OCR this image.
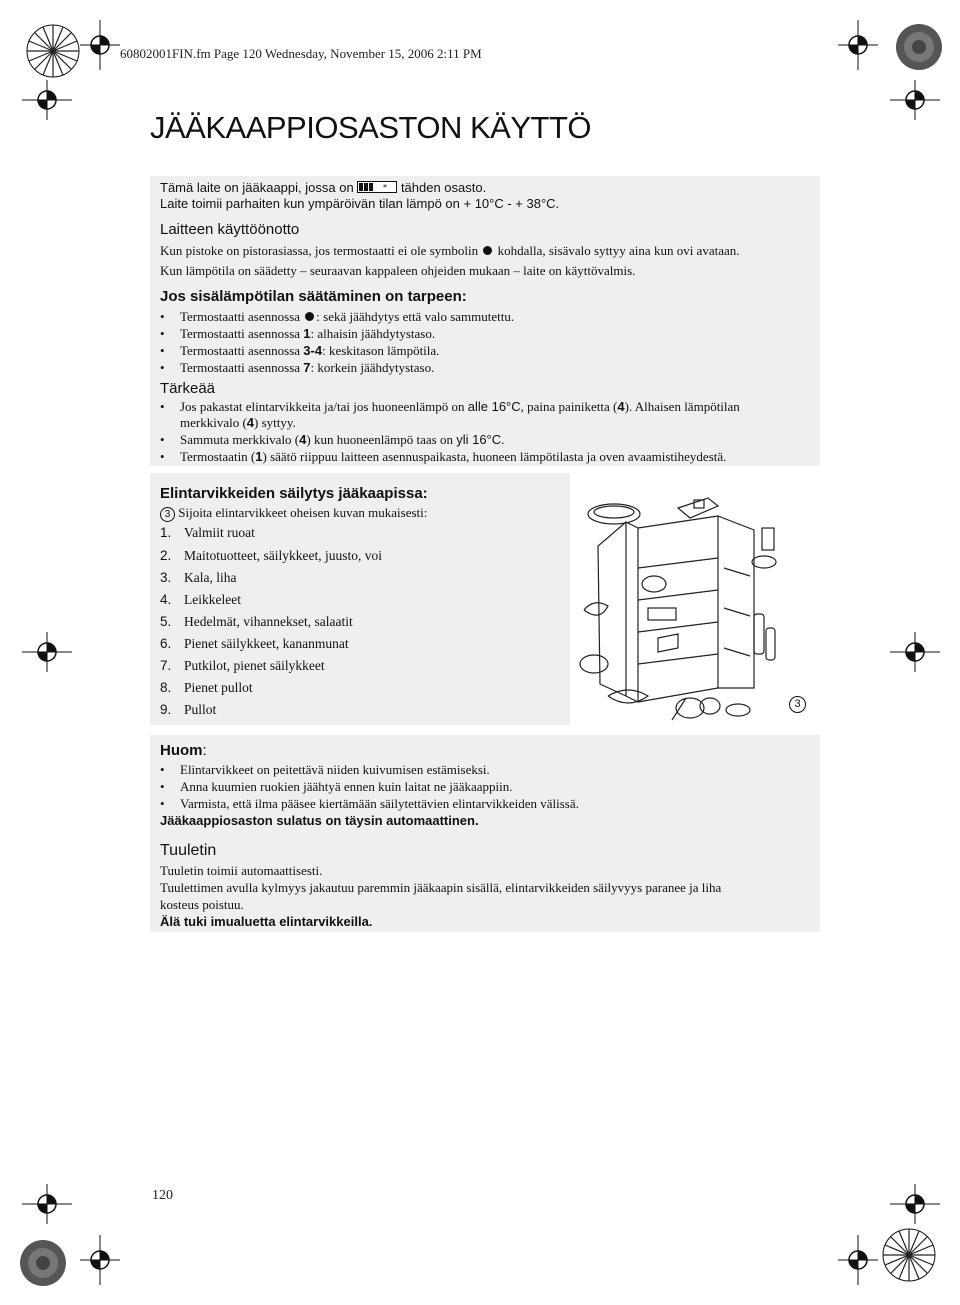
60802001FIN.fm Page 120 Wednesday, November 15, 2006 2:11 PM
JÄÄKAAPPIOSASTON KÄYTTÖ
Tämä laite on jääkaappi, jossa on	* tähden osasto.
Laite toimii parhaiten kun ympäröivän tilan lämpö on + 10°C - + 38°C.
Laitteen käyttöönotto
Kun pistoke on pistorasiassa, jos termostaatti ei ole symbolin kohdalla, sisävalo syttyy aina kun ovi avataan.
Kun lämpötila on säädetty – seuraavan kappaleen ohjeiden mukaan – laite on käyttövalmis.
Jos sisälämpötilan säätäminen on tarpeen:
• Termostaatti asennossa : sekä jäähdytys että valo sammutettu.
• Termostaatti asennossa 1: alhaisin jäähdytystaso.
• Termostaatti asennossa 3-4: keskitason lämpötila.
• Termostaatti asennossa 7: korkein jäähdytystaso.
Tärkeää
• Jos pakastat elintarvikkeita ja/tai jos huoneenlämpö on alle 16°C, paina painiketta (4). Alhaisen lämpötilan
merkkivalo (4) syttyy.
• Sammuta merkkivalo (4) kun huoneenlämpö taas on yli 16°C.
• Termostaatin (1) säätö riippuu laitteen asennuspaikasta, huoneen lämpötilasta ja oven avaamistiheydestä.
Elintarvikkeiden säilytys jääkaapissa:
3 Sijoita elintarvikkeet oheisen kuvan mukaisesti:
1. Valmiit ruoat
2. Maitotuotteet, säilykkeet, juusto, voi
3. Kala, liha
4. Leikkeleet
5. Hedelmät, vihannekset, salaatit
6. Pienet säilykkeet, kananmunat
7. Putkilot, pienet säilykkeet
8. Pienet pullot
9. Pullot	3
Huom:
• Elintarvikkeet on peitettävä niiden kuivumisen estämiseksi.
• Anna kuumien ruokien jäähtyä ennen kuin laitat ne jääkaappiin.
• Varmista, että ilma pääsee kiertämään säilytettävien elintarvikkeiden välissä.
Jääkaappiosaston sulatus on täysin automaattinen.
Tuuletin
Tuuletin toimii automaattisesti.
Tuulettimen avulla kylmyys jakautuu paremmin jääkaapin sisällä, elintarvikkeiden säilyvyys paranee ja liha
kosteus poistuu.
Älä tuki imualuetta elintarvikkeilla.
120
